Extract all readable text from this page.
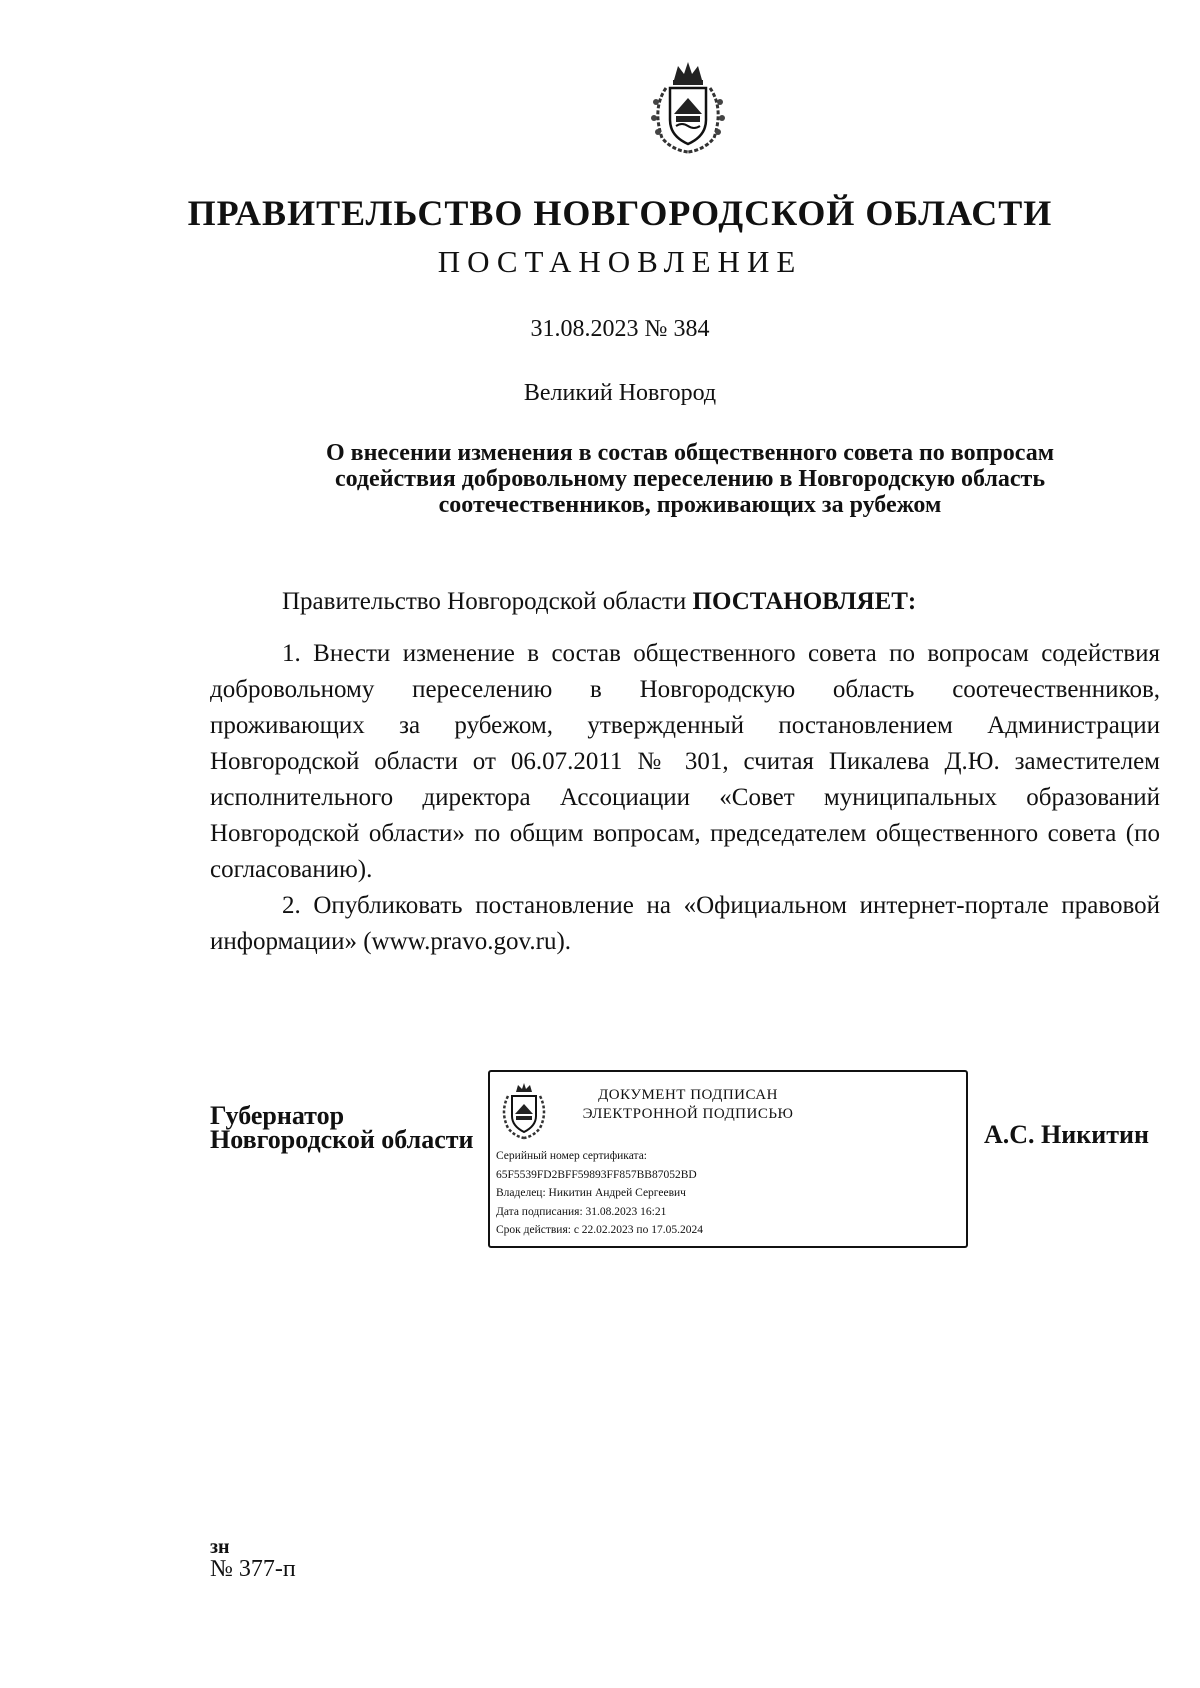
ПРАВИТЕЛЬСТВО НОВГОРОДСКОЙ ОБЛАСТИ
ПОСТАНОВЛЕНИЕ
31.08.2023 № 384
Великий Новгород
О внесении изменения в состав общественного совета по вопросам
содействия добровольному переселению в Новгородскую область
соотечественников, проживающих за рубежом
Правительство Новгородской области ПОСТАНОВЛЯЕТ:
1. Внести изменение в состав общественного совета по вопросам содействия добровольному переселению в Новгородскую область соотечественников, проживающих за рубежом, утвержденный постановлением Администрации Новгородской области от 06.07.2011 № 301, считая Пикалева Д.Ю. заместителем исполнительного директора Ассоциации «Совет муниципальных образований Новгородской области» по общим вопросам, председателем общественного совета (по согласованию).
2. Опубликовать постановление на «Официальном интернет-портале правовой информации» (www.pravo.gov.ru).
Губернатор
Новгородской области
ДОКУМЕНТ ПОДПИСАН
ЭЛЕКТРОННОЙ ПОДПИСЬЮ
Серийный номер сертификата:
65F5539FD2BFF59893FF857BB87052BD
Владелец: Никитин Андрей Сергеевич
Дата подписания: 31.08.2023 16:21
Срок действия: с 22.02.2023 по 17.05.2024
А.С. Никитин
зн
№ 377-п
